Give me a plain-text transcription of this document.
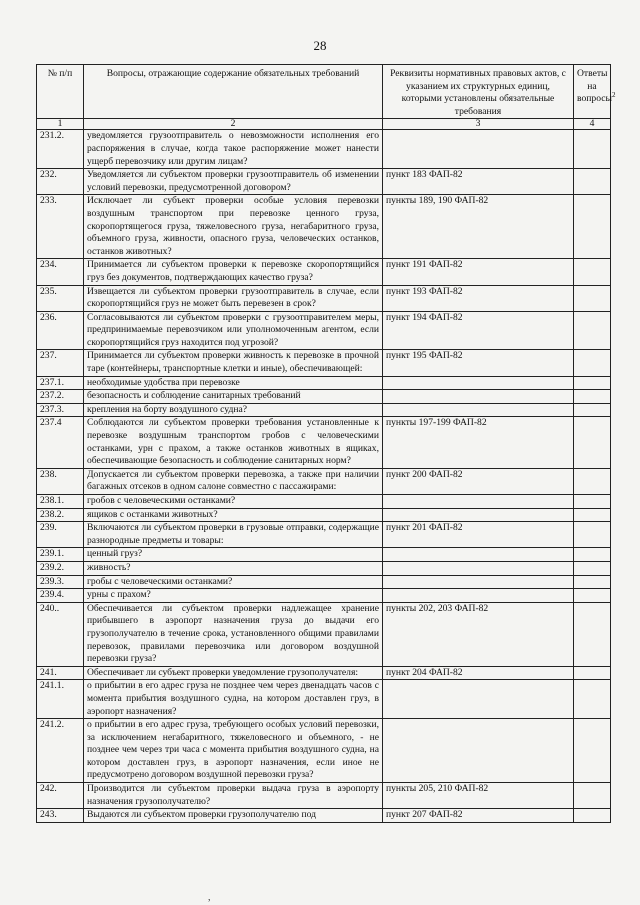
28
№ п/п	Вопросы, отражающие содержание обязательных требований	Реквизиты нормативных правовых актов, с указанием их структурных единиц, которыми установлены обязательные требования	Ответы на вопросы$^2$
1	2	3	4
231.2.	уведомляется грузоотправитель о невозможности исполнения его распоряжения в случае, когда такое распоряжение может нанести ущерб перевозчику или другим лицам?		
232.	Уведомляется ли субъектом проверки грузоотправитель об изменении условий перевозки, предусмотренной договором?	пункт 183 ФАП-82	
233.	Исключает ли субъект проверки особые условия перевозки воздушным транспортом при перевозке ценного груза, скоропортящегося груза, тяжеловесного груза, негабаритного груза, объемного груза, живности, опасного груза, человеческих останков, останков животных?	пункты 189, 190 ФАП-82	
234.	Принимается ли субъектом проверки к перевозке скоропортящийся груз без документов, подтверждающих качество груза?	пункт 191 ФАП-82	
235.	Извещается ли субъектом проверки грузоотправитель в случае, если скоропортящийся груз не может быть перевезен в срок?	пункт 193 ФАП-82	
236.	Согласовываются ли субъектом проверки с грузоотправителем меры, предпринимаемые перевозчиком или уполномоченным агентом, если скоропортящийся груз находится под угрозой?	пункт 194 ФАП-82	
237.	Принимается ли субъектом проверки живность к перевозке в прочной таре (контейнеры, транспортные клетки и иные), обеспечивающей:	пункт 195 ФАП-82	
237.1.	необходимые удобства при перевозке		
237.2.	безопасность и соблюдение санитарных требований		
237.3.	крепления на борту воздушного судна?		
237.4	Соблюдаются ли субъектом проверки требования установленные к перевозке воздушным транспортом гробов с человеческими останками, урн с прахом, а также останков животных в ящиках, обеспечивающие безопасность и соблюдение санитарных норм?	пункты 197-199 ФАП-82	
238.	Допускается ли субъектом проверки перевозка, а также при наличии багажных отсеков в одном салоне совместно с пассажирами:	пункт 200 ФАП-82	
238.1.	гробов с человеческими останками?		
238.2.	ящиков с останками животных?		
239.	Включаются ли субъектом проверки в грузовые отправки, содержащие разнородные предметы и товары:	пункт 201 ФАП-82	
239.1.	ценный груз?		
239.2.	живность?		
239.3.	гробы с человеческими останками?		
239.4.	урны с прахом?		
240..	Обеспечивается ли субъектом проверки надлежащее хранение прибывшего в аэропорт назначения груза до выдачи его грузополучателю в течение срока, установленного общими правилами перевозок, правилами перевозчика или договором воздушной перевозки груза?	пункты 202, 203 ФАП-82	
241.	Обеспечивает ли субъект проверки уведомление грузополучателя:	пункт 204 ФАП-82	
241.1.	о прибытии в его адрес груза не позднее чем через двенадцать часов с момента прибытия воздушного судна, на котором доставлен груз, в аэропорт назначения?		
241.2.	о прибытии в его адрес груза, требующего особых условий перевозки, за исключением негабаритного, тяжеловесного и объемного, - не позднее чем через три часа с момента прибытия воздушного судна, на котором доставлен груз, в аэропорт назначения, если иное не предусмотрено договором воздушной перевозки груза?		
242.	Производится ли субъектом проверки выдача груза в аэропорту назначения грузополучателю?	пункты 205, 210 ФАП-82	
243.	Выдаются ли субъектом проверки грузополучателю под	пункт 207 ФАП-82	
,
